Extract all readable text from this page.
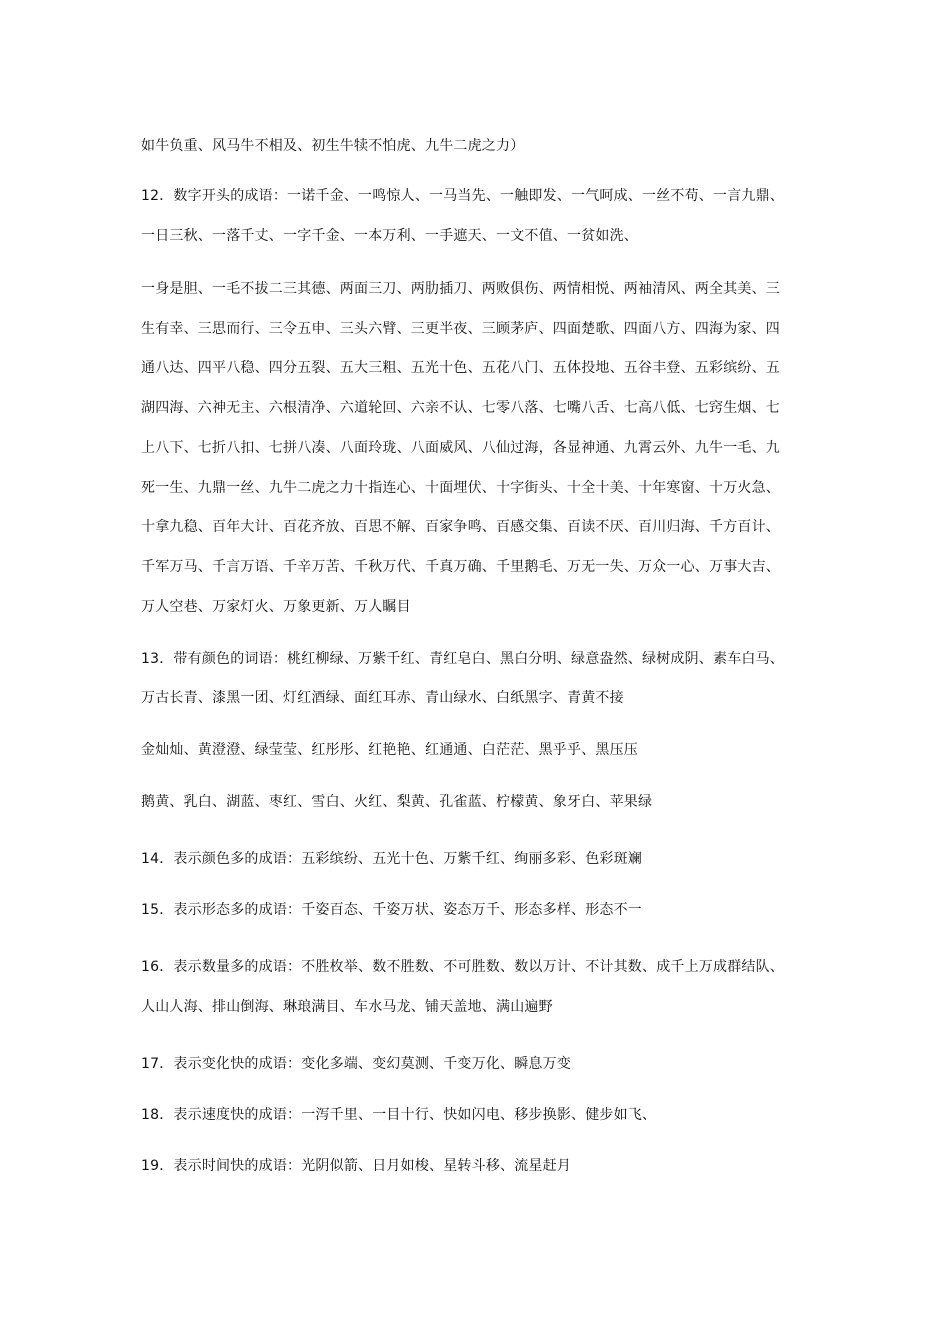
如牛负重、风马牛不相及、初生牛犊不怕虎、九牛二虎之力）
12．数字开头的成语：一诺千金、一鸣惊人、一马当先、一触即发、一气呵成、一丝不苟、一言九鼎、
一日三秋、一落千丈、一字千金、一本万利、一手遮天、一文不值、一贫如洗、
一身是胆、一毛不拔二三其德、两面三刀、两肋插刀、两败俱伤、两情相悦、两袖清风、两全其美、三
生有幸、三思而行、三令五申、三头六臂、三更半夜、三顾茅庐、四面楚歌、四面八方、四海为家、四
通八达、四平八稳、四分五裂、五大三粗、五光十色、五花八门、五体投地、五谷丰登、五彩缤纷、五
湖四海、六神无主、六根清净、六道轮回、六亲不认、七零八落、七嘴八舌、七高八低、七窍生烟、七
上八下、七折八扣、七拼八凑、八面玲珑、八面威风、八仙过海，各显神通、九霄云外、九牛一毛、九
死一生、九鼎一丝、九牛二虎之力十指连心、十面埋伏、十字街头、十全十美、十年寒窗、十万火急、
十拿九稳、百年大计、百花齐放、百思不解、百家争鸣、百感交集、百读不厌、百川归海、千方百计、
千军万马、千言万语、千辛万苦、千秋万代、千真万确、千里鹅毛、万无一失、万众一心、万事大吉、
万人空巷、万家灯火、万象更新、万人瞩目
13．带有颜色的词语：桃红柳绿、万紫千红、青红皂白、黑白分明、绿意盎然、绿树成阴、素车白马、
万古长青、漆黑一团、灯红酒绿、面红耳赤、青山绿水、白纸黑字、青黄不接
金灿灿、黄澄澄、绿莹莹、红彤彤、红艳艳、红通通、白茫茫、黑乎乎、黑压压
鹅黄、乳白、湖蓝、枣红、雪白、火红、梨黄、孔雀蓝、柠檬黄、象牙白、苹果绿
14．表示颜色多的成语：五彩缤纷、五光十色、万紫千红、绚丽多彩、色彩斑斓
15．表示形态多的成语：千姿百态、千姿万状、姿态万千、形态多样、形态不一
16．表示数量多的成语：不胜枚举、数不胜数、不可胜数、数以万计、不计其数、成千上万成群结队、
人山人海、排山倒海、琳琅满目、车水马龙、铺天盖地、满山遍野
17．表示变化快的成语：变化多端、变幻莫测、千变万化、瞬息万变
18．表示速度快的成语：一泻千里、一目十行、快如闪电、移步换影、健步如飞、
19．表示时间快的成语：光阴似箭、日月如梭、星转斗移、流星赶月
